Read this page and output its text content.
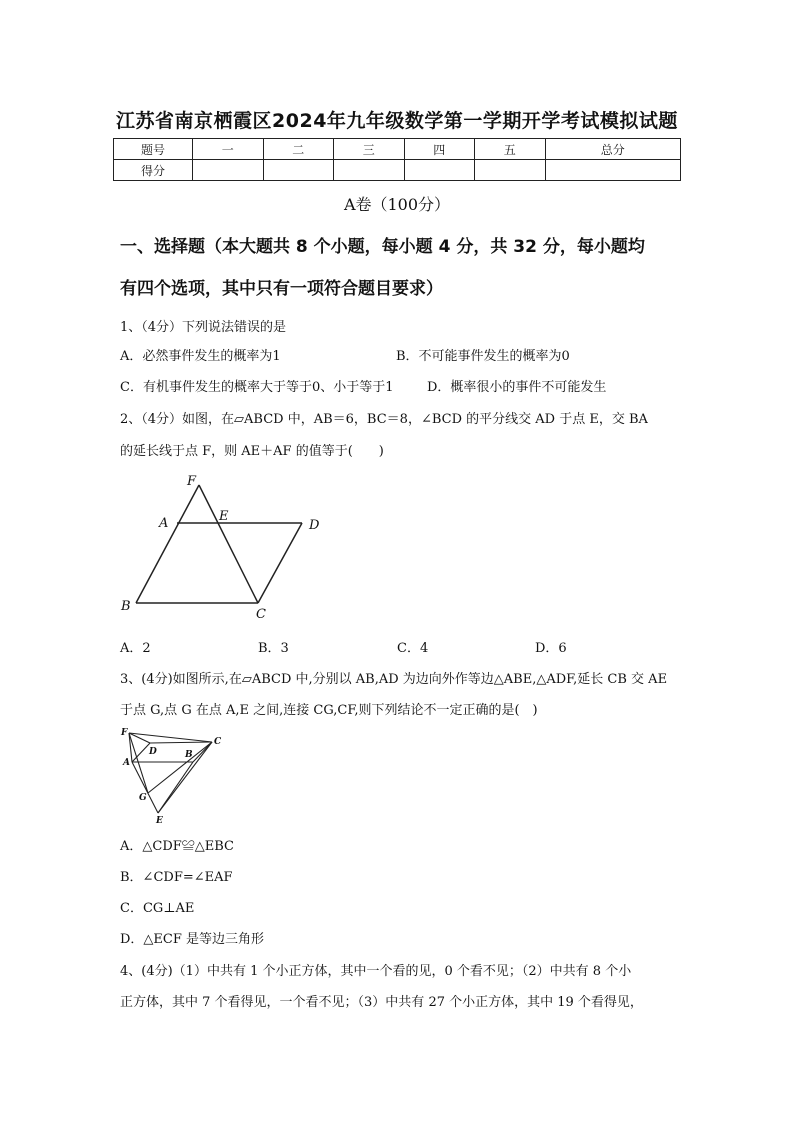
江苏省南京栖霞区2024年九年级数学第一学期开学考试模拟试题
题号	一	二	三	四	五	总分
得分						
A卷（100分）
一、选择题（本大题共 8 个小题，每小题 4 分，共 32 分，每小题均
有四个选项，其中只有一项符合题目要求）
1、（4分）下列说法错误的是
A．必然事件发生的概率为1	B．不可能事件发生的概率为0
C．有机事件发生的概率大于等于0、小于等于1	D．概率很小的事件不可能发生
2、（4分）如图，在▱ABCD 中，AB＝6，BC＝8，∠BCD 的平分线交 AD 于点 E，交 BA
的延长线于点 F，则 AE＋AF 的值等于(　　)
F
A	E
D
B
C
A．2	B．3	C．4	D．6
3、(4分)如图所示,在▱ABCD 中,分别以 AB,AD 为边向外作等边△ABE,△ADF,延长 CB 交 AE
于点 G,点 G 在点 A,E 之间,连接 CG,CF,则下列结论不一定正确的是(　)
F
D
C
A
B
G
E
A．△CDF≌△EBC
B．∠CDF=∠EAF
C．CG⊥AE
D．△ECF 是等边三角形
4、(4分)（1）中共有 1 个小正方体，其中一个看的见，0 个看不见；（2）中共有 8 个小
正方体，其中 7 个看得见，一个看不见；（3）中共有 27 个小正方体，其中 19 个看得见，
